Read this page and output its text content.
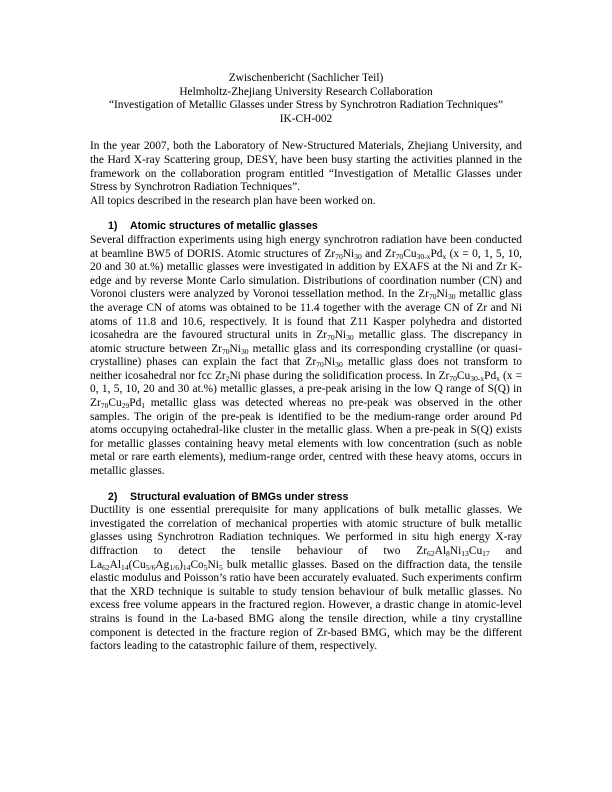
Zwischenbericht (Sachlicher Teil)
Helmholtz-Zhejiang University Research Collaboration
“Investigation of Metallic Glasses under Stress by Synchrotron Radiation Techniques”
IK-CH-002

In the year 2007, both the Laboratory of New-Structured Materials, Zhejiang University, and the Hard X-ray Scattering group, DESY, have been busy starting the activities planned in the framework on the collaboration program entitled “Investigation of Metallic Glasses under Stress by Synchrotron Radiation Techniques”.

All topics described in the research plan have been worked on.

1) Atomic structures of metallic glasses

Several diffraction experiments using high energy synchrotron radiation have been conducted at beamline BW5 of DORIS. Atomic structures of $Zr_{70}Ni_{30}$ and $Zr_{70}Cu_{30-x}Pd_x$ (x = 0, 1, 5, 10, 20 and 30 at.%) metallic glasses were investigated in addition by EXAFS at the Ni and Zr K-edge and by reverse Monte Carlo simulation. Distributions of coordination number (CN) and Voronoi clusters were analyzed by Voronoi tessellation method. In the $Zr_{70}Ni_{30}$ metallic glass the average CN of atoms was obtained to be 11.4 together with the average CN of Zr and Ni atoms of 11.8 and 10.6, respectively. It is found that Z11 Kasper polyhedra and distorted icosahedra are the favoured structural units in $Zr_{70}Ni_{30}$ metallic glass. The discrepancy in atomic structure between $Zr_{70}Ni_{30}$ metallic glass and its corresponding crystalline (or quasi-crystalline) phases can explain the fact that $Zr_{70}Ni_{30}$ metallic glass does not transform to neither icosahedral nor fcc $Zr_2Ni$ phase during the solidification process. In $Zr_{70}Cu_{30-x}Pd_x$ (x = 0, 1, 5, 10, 20 and 30 at.%) metallic glasses, a pre-peak arising in the low Q range of S(Q) in $Zr_{70}Cu_{29}Pd_1$ metallic glass was detected whereas no pre-peak was observed in the other samples. The origin of the pre-peak is identified to be the medium-range order around Pd atoms occupying octahedral-like cluster in the metallic glass. When a pre-peak in S(Q) exists for metallic glasses containing heavy metal elements with low concentration (such as noble metal or rare earth elements), medium-range order, centred with these heavy atoms, occurs in metallic glasses.

2) Structural evaluation of BMGs under stress

Ductility is one essential prerequisite for many applications of bulk metallic glasses. We investigated the correlation of mechanical properties with atomic structure of bulk metallic glasses using Synchrotron Radiation techniques. We performed in situ high energy X-ray diffraction to detect the tensile behaviour of two $Zr_{62}Al_8Ni_{13}Cu_{17}$ and $La_{62}Al_{14}(Cu_{5/6}Ag_{1/6})_{14}Co_5Ni_5$ bulk metallic glasses. Based on the diffraction data, the tensile elastic modulus and Poisson’s ratio have been accurately evaluated. Such experiments confirm that the XRD technique is suitable to study tension behaviour of bulk metallic glasses. No excess free volume appears in the fractured region. However, a drastic change in atomic-level strains is found in the La-based BMG along the tensile direction, while a tiny crystalline component is detected in the fracture region of Zr-based BMG, which may be the different factors leading to the catastrophic failure of them, respectively.
